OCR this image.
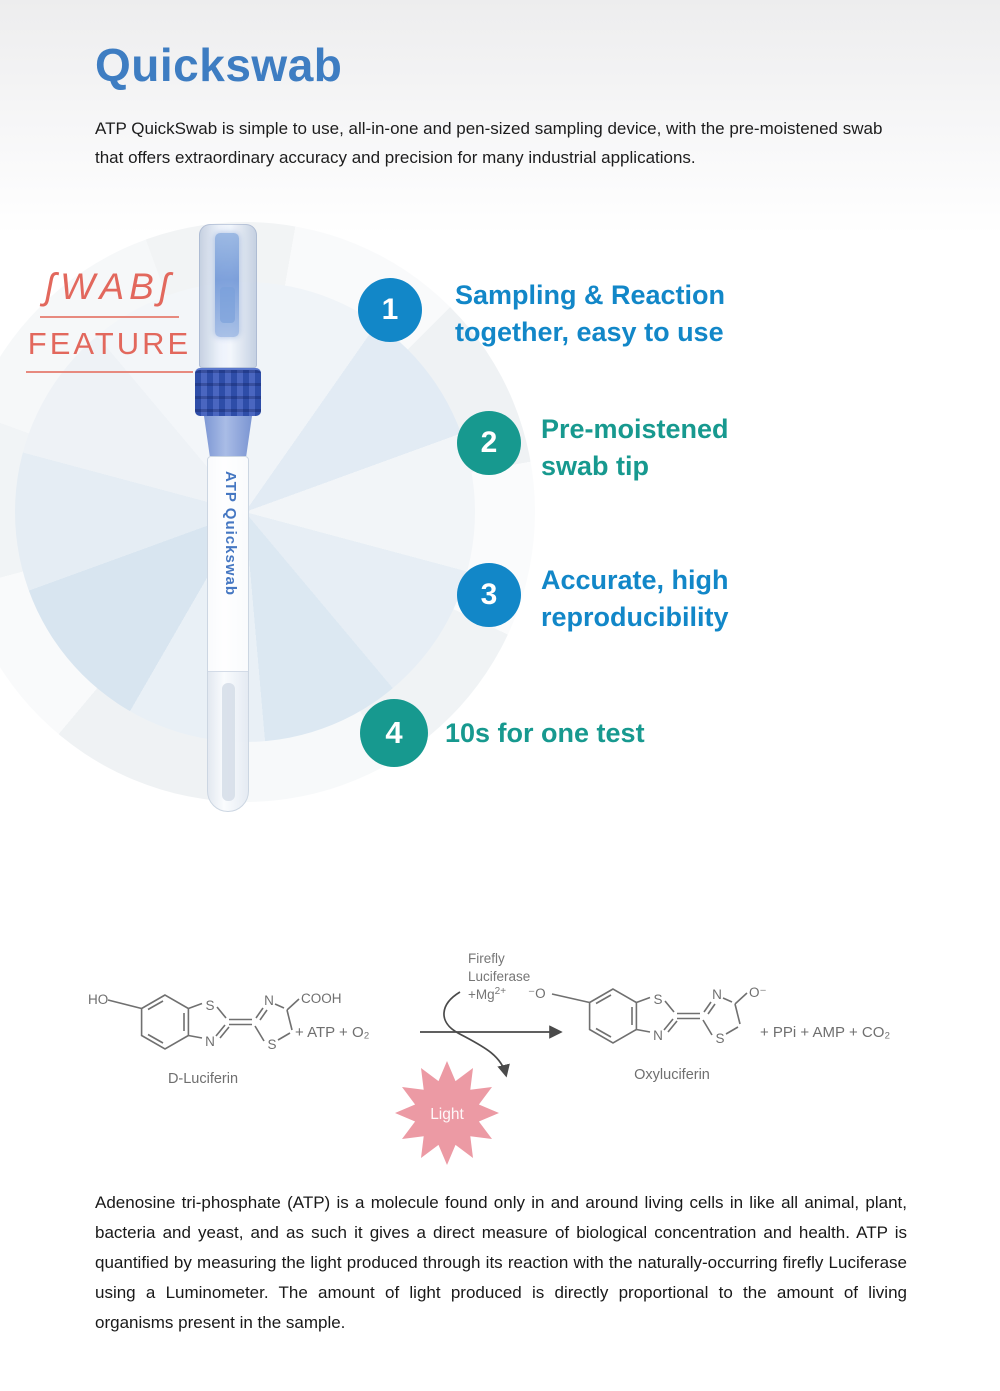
Quickswab

ATP QuickSwab is simple to use, all-in-one and pen-sized sampling device, with the pre-moistened swab that offers extraordinary accuracy and precision for many industrial applications.

ʃWABʃ
FEATURE
ATP Quickswab
1	Sampling & Reaction
together, easy to use
2	Pre-moistened
swab tip
3	Accurate, high
reproducibility
4	10s for one test
HO	S
N
N
S
COOH
+ ATP + O₂
D-Luciferin
Firefly
Luciferase
$+Mg^{2+}$
Light
⁻O	S
N
N
S
O⁻
+ PPi + AMP + CO₂
Oxyluciferin

Adenosine tri-phosphate (ATP) is a molecule found only in and around living cells in like all animal, plant, bacteria and yeast, and as such it gives a direct measure of biological concentration and health. ATP is quantified by measuring the light produced through its reaction with the naturally-occurring firefly Luciferase using a Luminometer. The amount of light produced is directly proportional to the amount of living organisms present in the sample.
